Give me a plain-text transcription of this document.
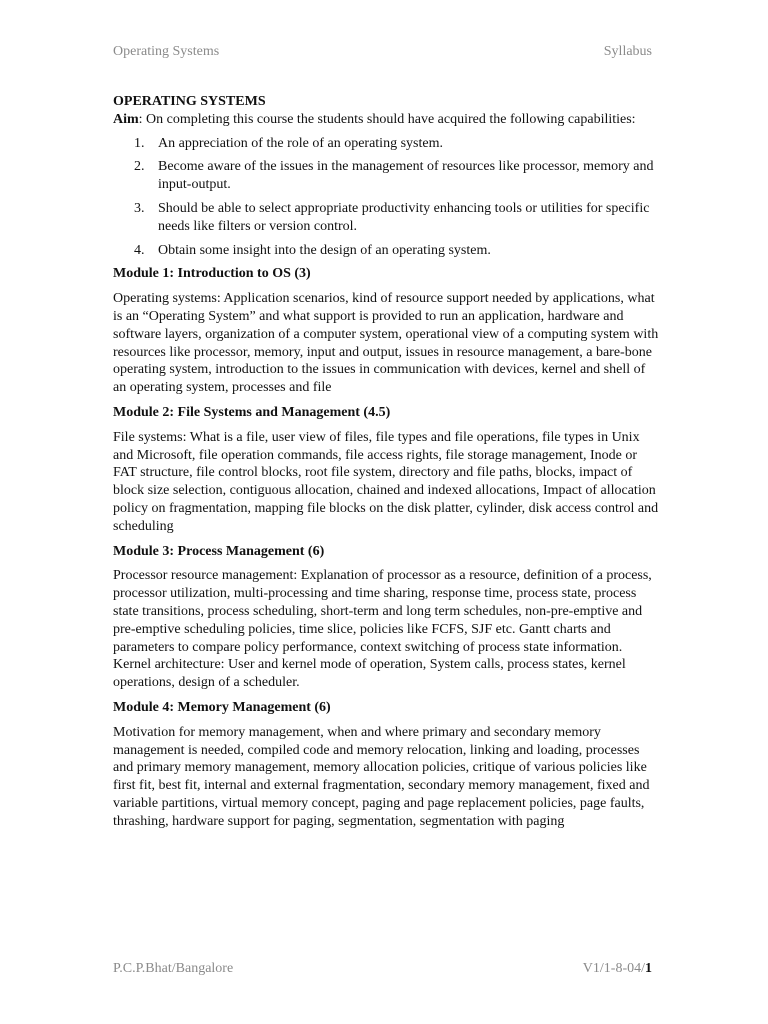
Operating Systems	Syllabus

OPERATING SYSTEMS

Aim: On completing this course the students should have acquired the following capabilities:

1. An appreciation of the role of an operating system.
2. Become aware of the issues in the management of resources like processor, memory and input-output.
3. Should be able to select appropriate productivity enhancing tools or utilities for specific needs like filters or version control.
4. Obtain some insight into the design of an operating system.

Module 1: Introduction to OS (3)

Operating systems: Application scenarios, kind of resource support needed by applications, what is an “Operating System” and what support is provided to run an application, hardware and software layers, organization of a computer system, operational view of a computing system with resources like processor, memory, input and output, issues in resource management, a bare-bone operating system, introduction to the issues in communication with devices, kernel and shell of an operating system, processes and file

Module 2: File Systems and Management (4.5)

File systems: What is a file, user view of files, file types and file operations, file types in Unix and Microsoft, file operation commands, file access rights, file storage management, Inode or FAT structure, file control blocks, root file system, directory and file paths, blocks, impact of block size selection, contiguous allocation, chained and indexed allocations, Impact of allocation policy on fragmentation, mapping file blocks on the disk platter, cylinder, disk access control and scheduling

Module 3: Process Management (6)

Processor resource management: Explanation of processor as a resource, definition of a process, processor utilization, multi-processing and time sharing, response time, process state, process state transitions, process scheduling, short-term and long term schedules, non-pre-emptive and pre-emptive scheduling policies, time slice, policies like FCFS, SJF etc. Gantt charts and parameters to compare policy performance, context switching of process state information. Kernel architecture: User and kernel mode of operation, System calls, process states, kernel operations, design of a scheduler.

Module 4: Memory Management (6)

Motivation for memory management, when and where primary and secondary memory management is needed, compiled code and memory relocation, linking and loading, processes and primary memory management, memory allocation policies, critique of various policies like first fit, best fit, internal and external fragmentation, secondary memory management, fixed and variable partitions, virtual memory concept, paging and page replacement policies, page faults, thrashing, hardware support for paging, segmentation, segmentation with paging

P.C.P.Bhat/Bangalore	V1/1-8-04/1
